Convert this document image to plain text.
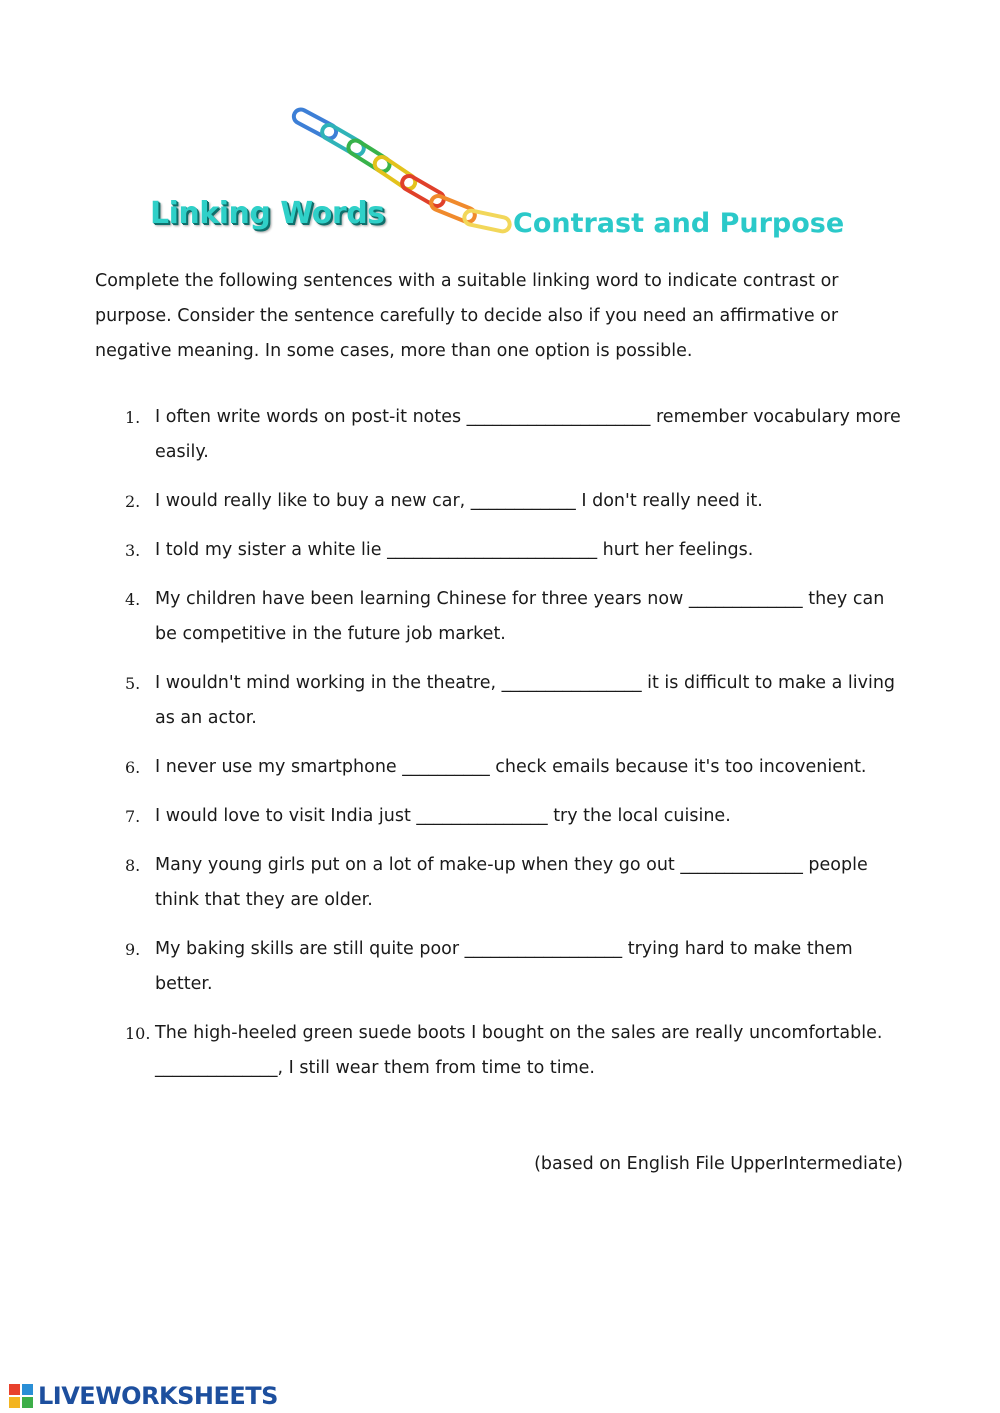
Linking Words	Contrast and Purpose

Complete the following sentences with a suitable linking word to indicate contrast or purpose. Consider the sentence carefully to decide also if you need an affirmative or negative meaning. In some cases, more than one option is possible.

1. I often write words on post-it notes _____________________ remember vocabulary more easily.
2. I would really like to buy a new car, ____________ I don't really need it.
3. I told my sister a white lie ________________________ hurt her feelings.
4. My children have been learning Chinese for three years now _____________ they can be competitive in the future job market.
5. I wouldn't mind working in the theatre, ________________ it is difficult to make a living as an actor.
6. I never use my smartphone __________ check emails because it's too incovenient.
7. I would love to visit India just _______________ try the local cuisine.
8. Many young girls put on a lot of make-up when they go out ______________ people think that they are older.
9. My baking skills are still quite poor __________________ trying hard to make them better.
10. The high-heeled green suede boots I bought on the sales are really uncomfortable. ______________, I still wear them from time to time.

(based on English File UpperIntermediate)

LIVEWORKSHEETS
